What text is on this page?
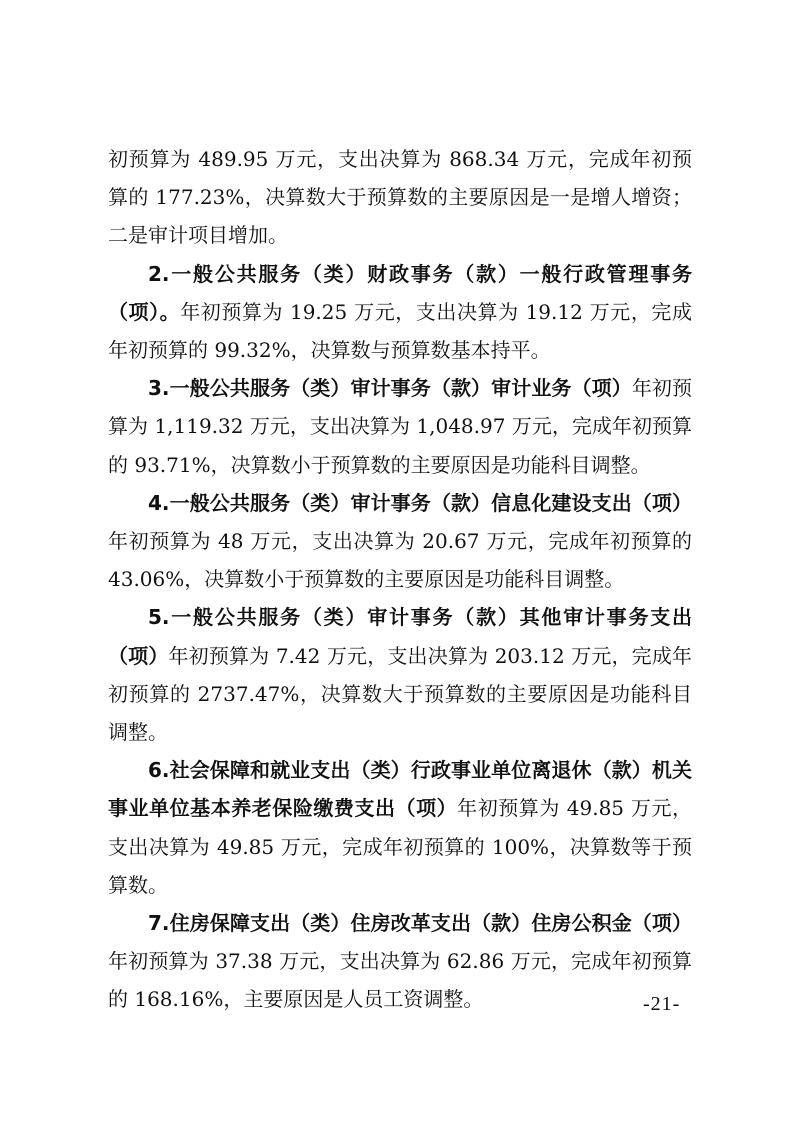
初预算为 489.95 万元，支出决算为 868.34 万元，完成年初预算的 177.23%，决算数大于预算数的主要原因是一是增人增资；二是审计项目增加。

2.一般公共服务（类）财政事务（款）一般行政管理事务（项）。年初预算为 19.25 万元，支出决算为 19.12 万元，完成年初预算的 99.32%，决算数与预算数基本持平。

3.一般公共服务（类）审计事务（款）审计业务（项）年初预算为 1,119.32 万元，支出决算为 1,048.97 万元，完成年初预算的 93.71%，决算数小于预算数的主要原因是功能科目调整。

4.一般公共服务（类）审计事务（款）信息化建设支出（项）年初预算为 48 万元，支出决算为 20.67 万元，完成年初预算的 43.06%，决算数小于预算数的主要原因是功能科目调整。

5.一般公共服务（类）审计事务（款）其他审计事务支出（项）年初预算为 7.42 万元，支出决算为 203.12 万元，完成年初预算的 2737.47%，决算数大于预算数的主要原因是功能科目调整。

6.社会保障和就业支出（类）行政事业单位离退休（款）机关事业单位基本养老保险缴费支出（项）年初预算为 49.85 万元，支出决算为 49.85 万元，完成年初预算的 100%，决算数等于预算数。

7.住房保障支出（类）住房改革支出（款）住房公积金（项）年初预算为 37.38 万元，支出决算为 62.86 万元，完成年初预算的 168.16%，主要原因是人员工资调整。	-21-
